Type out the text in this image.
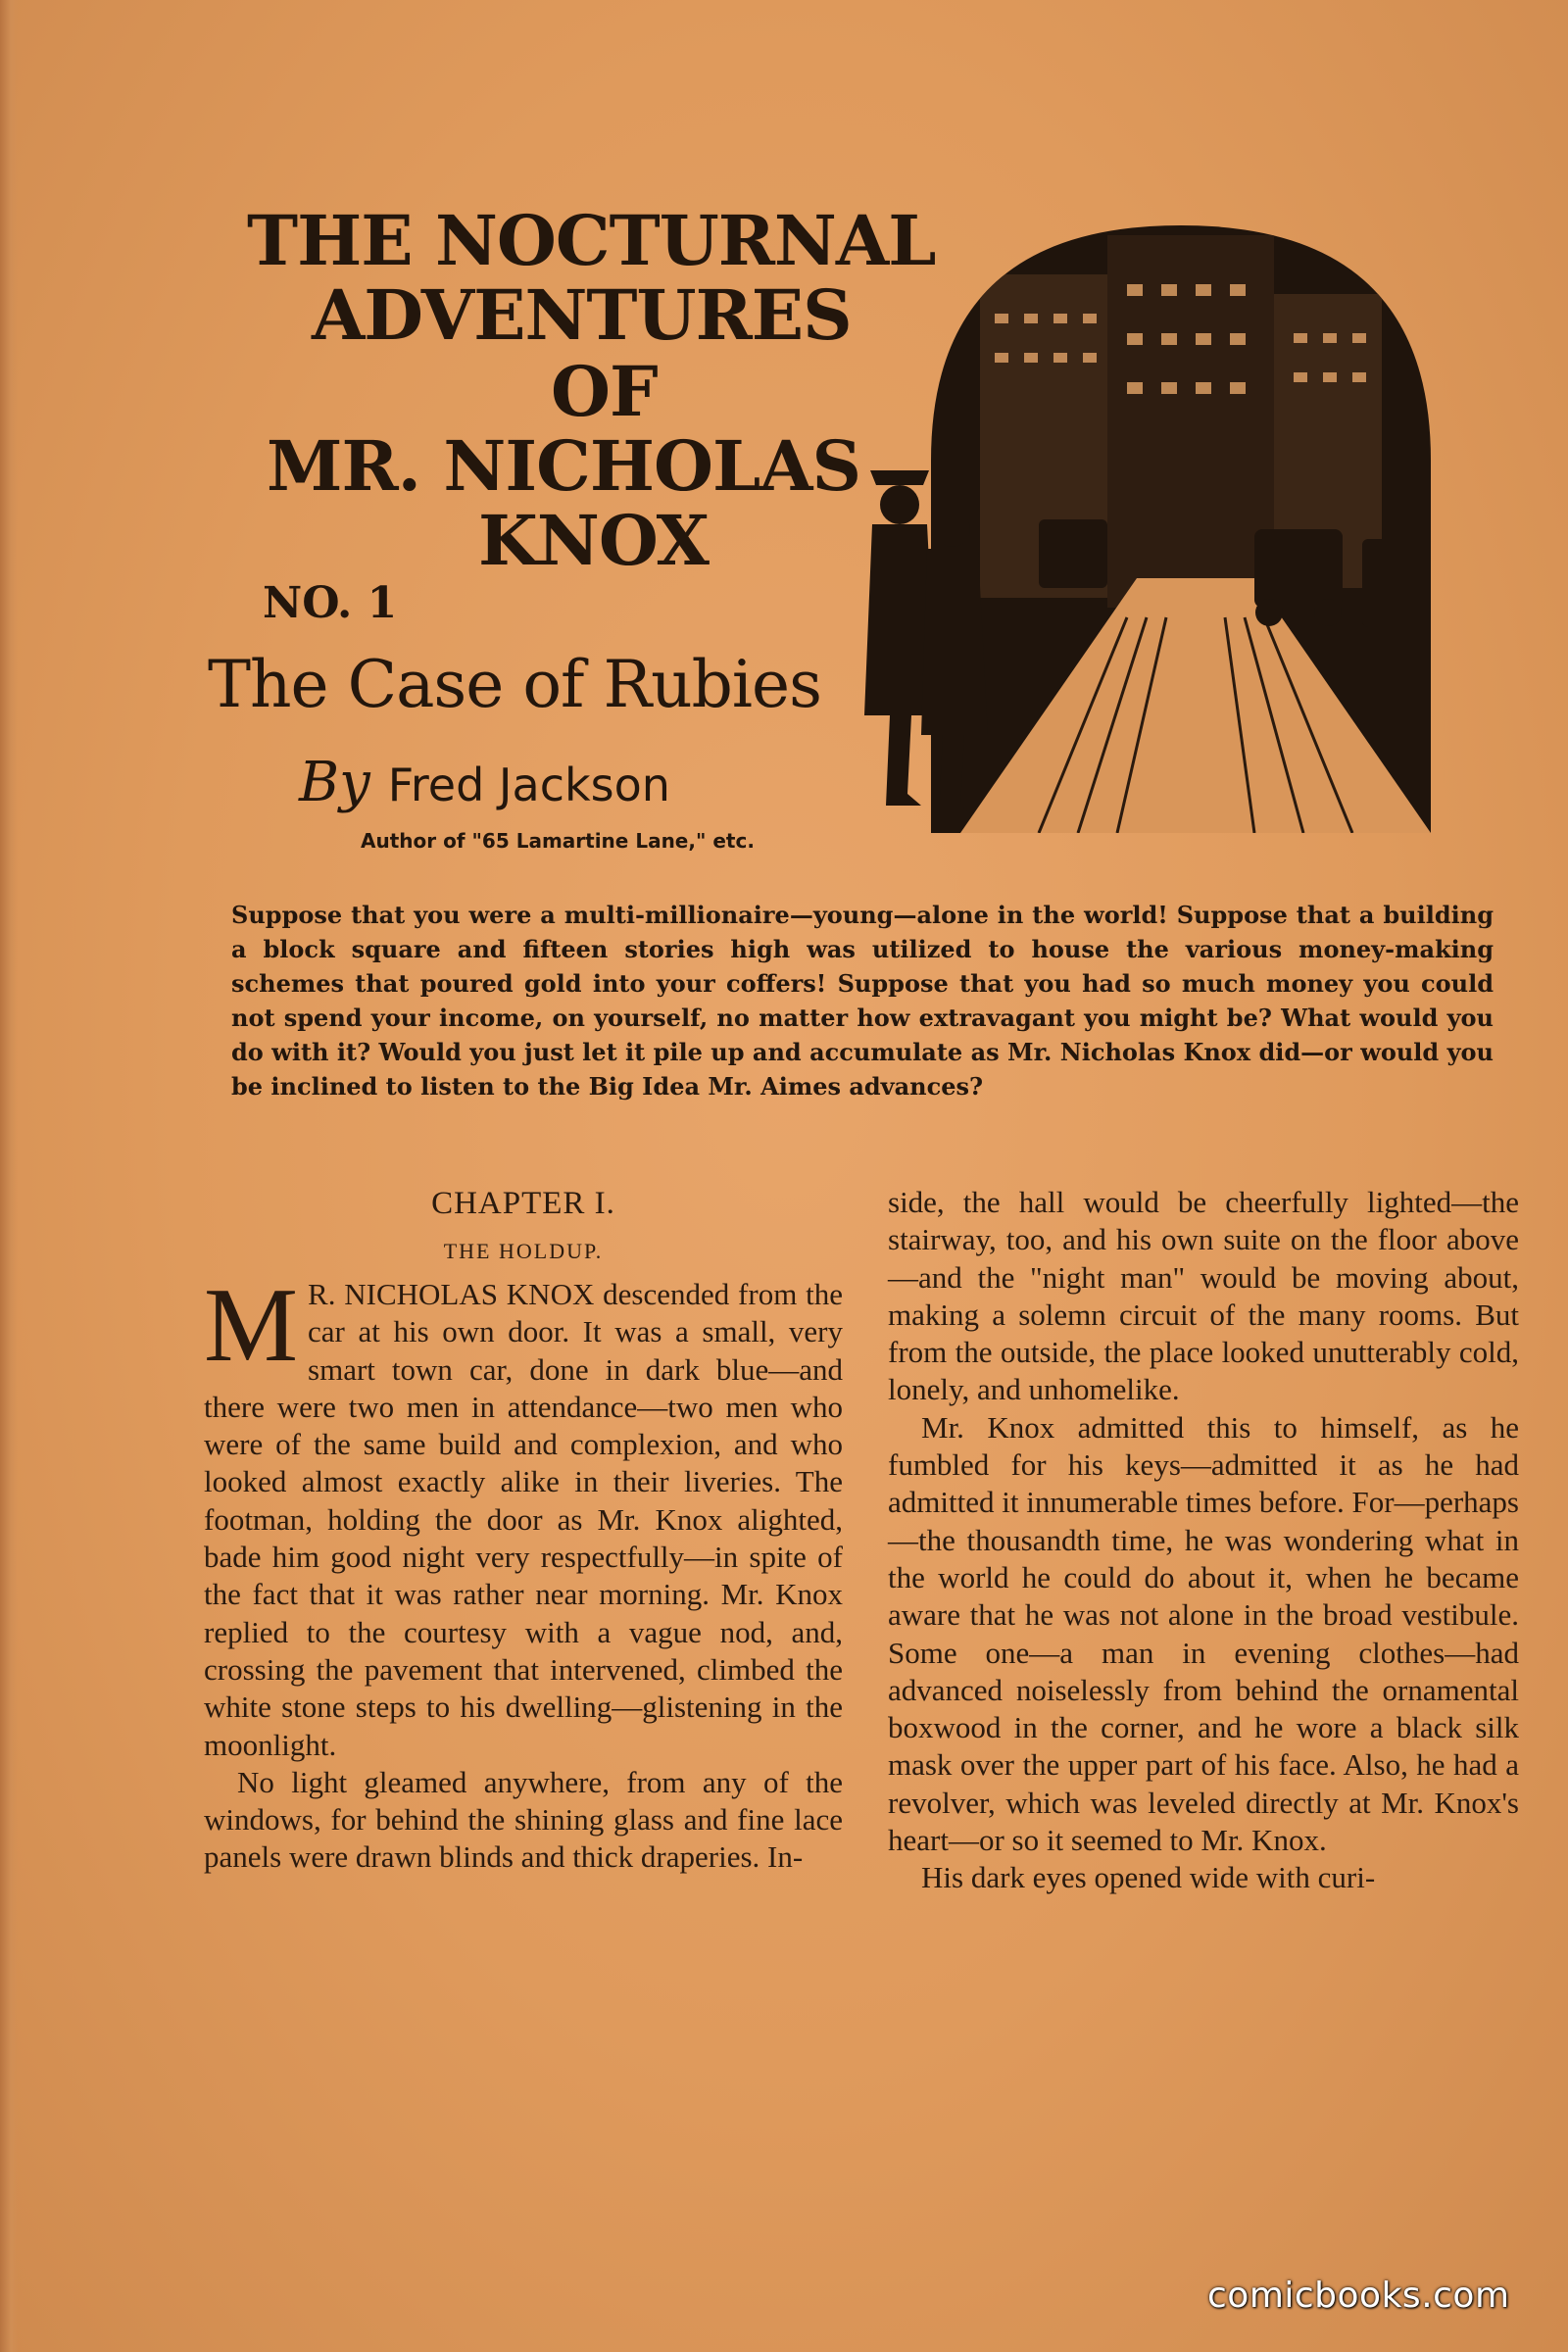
THE NOCTURNAL
ADVENTURES
OF
MR. NICHOLAS
KNOX
NO. 1
The Case of Rubies
By Fred Jackson
Author of "65 Lamartine Lane," etc.
Suppose that you were a multi-millionaire—young—alone in the world! Suppose that a building a block square and fifteen stories high was utilized to house the various money-making schemes that poured gold into your coffers! Suppose that you had so much money you could not spend your income, on yourself, no matter how extravagant you might be? What would you do with it? Would you just let it pile up and accumulate as Mr. Nicholas Knox did—or would you be inclined to listen to the Big Idea Mr. Aimes advances?
CHAPTER I.
THE HOLDUP.

M R. NICHOLAS KNOX descended from the car at his own door. It was a small, very smart town car, done in dark blue—and there were two men in attendance—two men who were of the same build and complexion, and who looked almost exactly alike in their liveries. The footman, holding the door as Mr. Knox alighted, bade him good night very respectfully—in spite of the fact that it was rather near morning. Mr. Knox replied to the courtesy with a vague nod, and, crossing the pavement that intervened, climbed the white stone steps to his dwelling—glistening in the moonlight.

No light gleamed anywhere, from any of the windows, for behind the shining glass and fine lace panels were drawn blinds and thick draperies. In-

side, the hall would be cheerfully lighted—the stairway, too, and his own suite on the floor above—and the "night man" would be moving about, making a solemn circuit of the many rooms. But from the outside, the place looked unutterably cold, lonely, and unhomelike.

Mr. Knox admitted this to himself, as he fumbled for his keys—admitted it as he had admitted it innumerable times before. For—perhaps—the thousandth time, he was wondering what in the world he could do about it, when he became aware that he was not alone in the broad vestibule. Some one—a man in evening clothes—had advanced noiselessly from behind the ornamental boxwood in the corner, and he wore a black silk mask over the upper part of his face. Also, he had a revolver, which was leveled directly at Mr. Knox's heart—or so it seemed to Mr. Knox.

His dark eyes opened wide with curi-

comicbooks.com
